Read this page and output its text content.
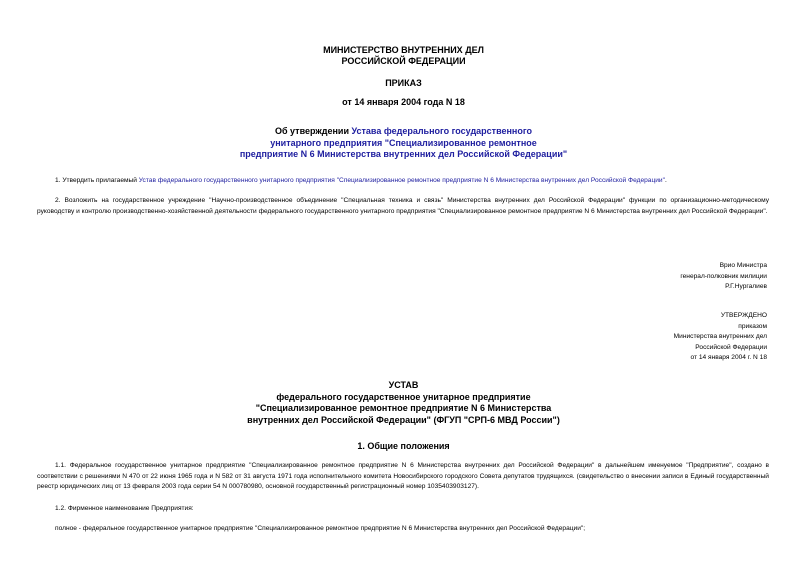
МИНИСТЕРСТВО ВНУТРЕННИХ ДЕЛ
РОССИЙСКОЙ ФЕДЕРАЦИИ
ПРИКАЗ
от 14 января 2004 года N 18
Об утверждении Устава федерального государственного
унитарного предприятия "Специализированное ремонтное
предприятие N 6 Министерства внутренних дел Российской Федерации"
1. Утвердить прилагаемый Устав федерального государственного унитарного предприятия "Специализированное ремонтное предприятие N 6 Министерства внутренних дел Российской Федерации".
2. Возложить на государственное учреждение "Научно-производственное объединение "Специальная техника и связь" Министерства внутренних дел Российской Федерации" функции по организационно-методическому руководству и контролю производственно-хозяйственной деятельности федерального государственного унитарного предприятия "Специализированное ремонтное предприятие N 6 Министерства внутренних дел Российской Федерации".
Врио Министра
генерал-полковник милиции
Р.Г.Нургалиев
УТВЕРЖДЕНО
приказом
Министерства внутренних дел
Российской Федерации
от 14 января 2004 г. N 18
УСТАВ
федерального государственное унитарное предприятие
"Специализированное ремонтное предприятие N 6 Министерства
внутренних дел Российской Федерации" (ФГУП "СРП-6 МВД России")
1. Общие положения
1.1. Федеральное государственное унитарное предприятие "Специализированное ремонтное предприятие N 6 Министерства внутренних дел Российской Федерации" в дальнейшем именуемое "Предприятие", создано в соответствии с решениями N 470 от 22 июня 1965 года и N 582 от 31 августа 1971 года исполнительного комитета Новосибирского городского Совета депутатов трудящихся. (свидетельство о внесении записи в Единый государственный реестр юридических лиц от 13 февраля 2003 года серии 54 N 000780980, основной государственный регистрационный номер 1035403903127).
1.2. Фирменное наименование Предприятия:
полное - федеральное государственное унитарное предприятие "Специализированное ремонтное предприятие N 6 Министерства внутренних дел Российской Федерации";
